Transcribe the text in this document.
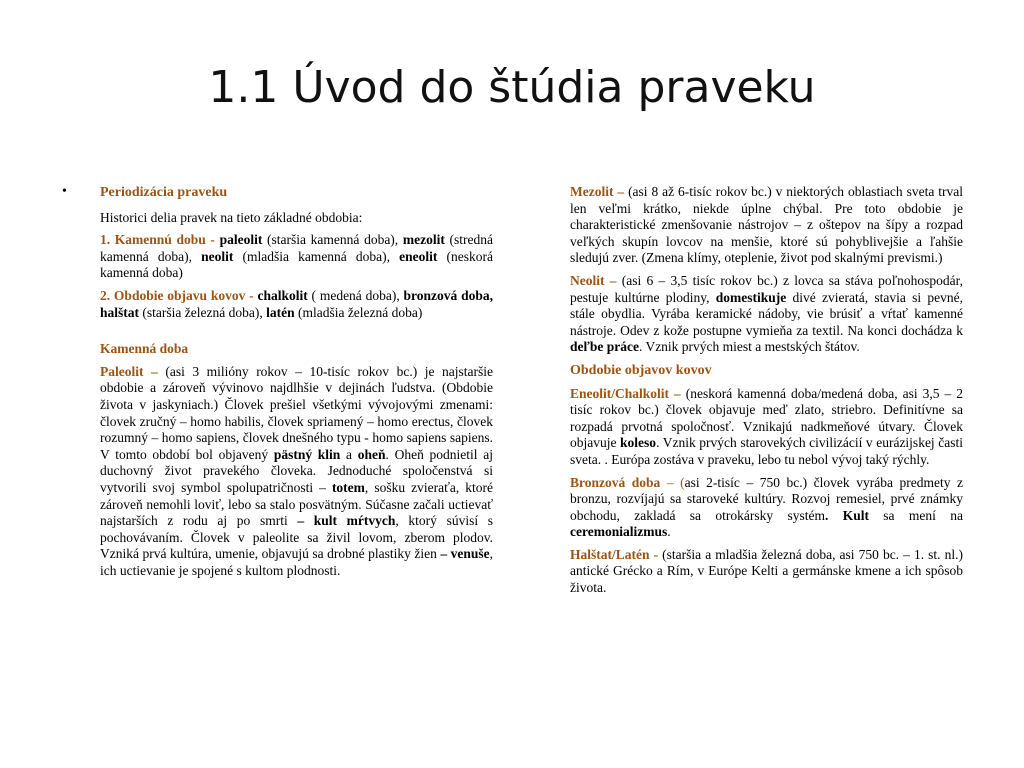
1.1 Úvod do štúdia praveku
• Periodizácia praveku

Historici delia pravek na tieto základné obdobia:

1. Kamennú dobu - paleolit (staršia kamenná doba), mezolit (stredná kamenná doba), neolit (mladšia kamenná doba), eneolit (neskorá kamenná doba)

2. Obdobie objavu kovov - chalkolit ( medená doba), bronzová doba, halštat (staršia železná doba), latén (mladšia železná doba)

Kamenná doba

Paleolit – (asi 3 milióny rokov – 10-tisíc rokov bc.) je najstaršie obdobie a zároveň vývinovo najdlhšie v dejinách ľudstva. (Obdobie života v jaskyniach.) Človek prešiel všetkými vývojovými zmenami: človek zručný – homo habilis, človek spriamený – homo erectus, človek rozumný – homo sapiens, človek dnešného typu - homo sapiens sapiens. V tomto období bol objavený pästný klin a oheň. Oheň podnietil aj duchovný život pravekého človeka. Jednoduché spoločenstvá si vytvorili svoj symbol spolupatričnosti – totem, sošku zvieraťa, ktoré zároveň nemohli loviť, lebo sa stalo posvätným. Súčasne začali uctievať najstarších z rodu aj po smrti – kult mŕtvych, ktorý súvisí s pochovávaním. Človek v paleolite sa živil lovom, zberom plodov. Vzniká prvá kultúra, umenie, objavujú sa drobné plastiky žien – venuše, ich uctievanie je spojené s kultom plodnosti.

Mezolit – (asi 8 až 6-tisíc rokov bc.) v niektorých oblastiach sveta trval len veľmi krátko, niekde úplne chýbal. Pre toto obdobie je charakteristické zmenšovanie nástrojov – z oštepov na šípy a rozpad veľkých skupín lovcov na menšie, ktoré sú pohyblivejšie a ľahšie sledujú zver. (Zmena klímy, oteplenie, život pod skalnými prevismi.)

Neolit – (asi 6 – 3,5 tisíc rokov bc.) z lovca sa stáva poľnohospodár, pestuje kultúrne plodiny, domestikuje divé zvieratá, stavia si pevné, stále obydlia. Vyrába keramické nádoby, vie brúsiť a vŕtať kamenné nástroje. Odev z kože postupne vymieňa za textil. Na konci dochádza k deľbe práce. Vznik prvých miest a mestských štátov.

Obdobie objavov kovov

Eneolit/Chalkolit – (neskorá kamenná doba/medená doba, asi 3,5 – 2 tisíc rokov bc.) človek objavuje meď zlato, striebro. Definitívne sa rozpadá prvotná spoločnosť. Vznikajú nadkmeňové útvary. Človek objavuje koleso. Vznik prvých starovekých civilizácií v eurázijskej časti sveta. . Európa zostáva v praveku, lebo tu nebol vývoj taký rýchly.

Bronzová doba – (asi 2-tisíc – 750 bc.) človek vyrába predmety z bronzu, rozvíjajú sa staroveké kultúry. Rozvoj remesiel, prvé známky obchodu, zakladá sa otrokársky systém. Kult sa mení na ceremonializmus.

Halštat/Latén - (staršia a mladšia železná doba, asi 750 bc. – 1. st. nl.) antické Grécko a Rím, v Európe Kelti a germánske kmene a ich spôsob života.
